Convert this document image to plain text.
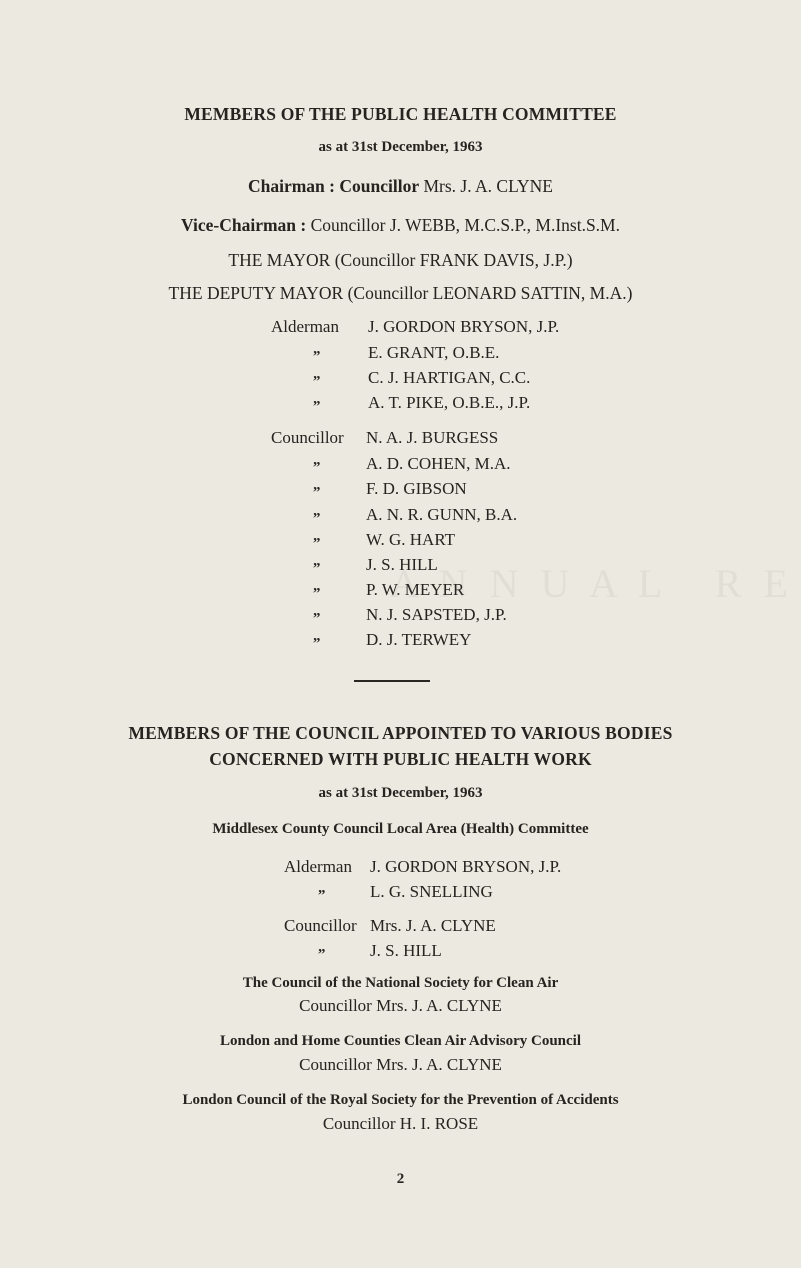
MEMBERS OF THE PUBLIC HEALTH COMMITTEE
as at 31st December, 1963
Chairman : Councillor Mrs. J. A. CLYNE
Vice-Chairman : Councillor J. WEBB, M.C.S.P., M.Inst.S.M.
THE MAYOR (Councillor FRANK DAVIS, J.P.)
THE DEPUTY MAYOR (Councillor LEONARD SATTIN, M.A.)
Alderman J. GORDON BRYSON, J.P.
„	E. GRANT, O.B.E.
„	C. J. HARTIGAN, C.C.
„	A. T. PIKE, O.B.E., J.P.
Councillor N. A. J. BURGESS
„	A. D. COHEN, M.A.
„	F. D. GIBSON
„	A. N. R. GUNN, B.A.
„	W. G. HART
„	J. S. HILL
„	P. W. MEYER
„	N. J. SAPSTED, J.P.
„	D. J. TERWEY
MEMBERS OF THE COUNCIL APPOINTED TO VARIOUS BODIES
CONCERNED WITH PUBLIC HEALTH WORK
as at 31st December, 1963
Middlesex County Council Local Area (Health) Committee
Alderman J. GORDON BRYSON, J.P.
„	L. G. SNELLING
Councillor Mrs. J. A. CLYNE
„	J. S. HILL
The Council of the National Society for Clean Air
Councillor Mrs. J. A. CLYNE
London and Home Counties Clean Air Advisory Council
Councillor Mrs. J. A. CLYNE
London Council of the Royal Society for the Prevention of Accidents
Councillor H. I. ROSE
2
